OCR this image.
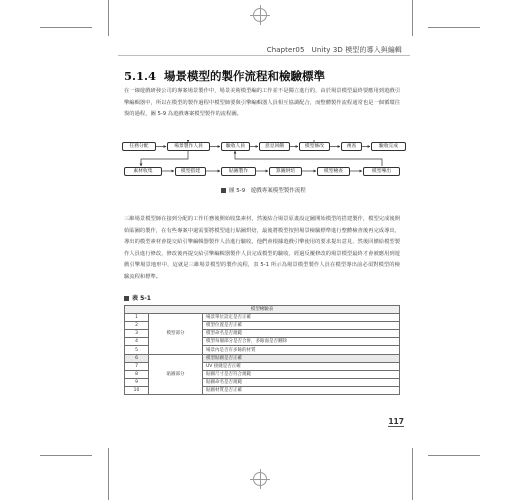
Chapter05　Unity 3D 模型的導入與編輯
5.1.4 場景模型的製作流程和檢驗標準
在一線遊戲研發公司的專案場景製作中，場景美術模型編的工作並不是獨立進行的，由於場景模型最終要應用到遊戲引擎編輯器中，所以在模型的製作過程中模型師要與引擎編輯器人員相互協調配合，而整體製作流程通常也是一個循環往復的過程，圖 5-9 為遊戲專案模型製作的流程圖。
任務分配	場景製作人員	驗收人員	意見回饋	模型修改	複查	驗收完成
素材收集	模型搭建	貼圖製作	算圖烘焙	模型檢查	模型導出
圖 5-9　遊戲專案模型製作流程
三維場景模型師在接到分配的工作任務後開始收集素材，然後結合場景原畫設定圖開始模型的搭建製作，模型完成後開始貼圖的製作，在有些專案中還需要將模型進行貼圖烘焙，最後將模型按照場景檢驗標準進行整體檢查後再完成導出，導出的模型素材會提交給引擎編輯器製作人員進行驗收，他們會根據遊戲引擎使用的要求提出意見，然後回饋給模型製作人員進行修改，修改後再提交給引擎編輯器製作人員完成模型的驗收，經過反覆修改的場景模型最終才會被應用到遊戲引擎場景地形中，這就是三維場景模型的製作流程，表 5-1 所示為場景模型製作人員在模型導出前必須對模型的檢驗流程和標準。
表 5-1
模型檢驗表		
1	模型部分	場景單位設定是否正確
2		模型位置是否正確
3		模型命名是否規範
4		模型每個部分是否合併，多餘面是否刪除
5		場景內是否有多餘的材質
6	貼圖部分	模型貼圖是否正確
7		UV 接縫是否正確
8		貼圖尺寸是否符合規範
9		貼圖命名是否規範
10		貼圖材質是否正確
117
